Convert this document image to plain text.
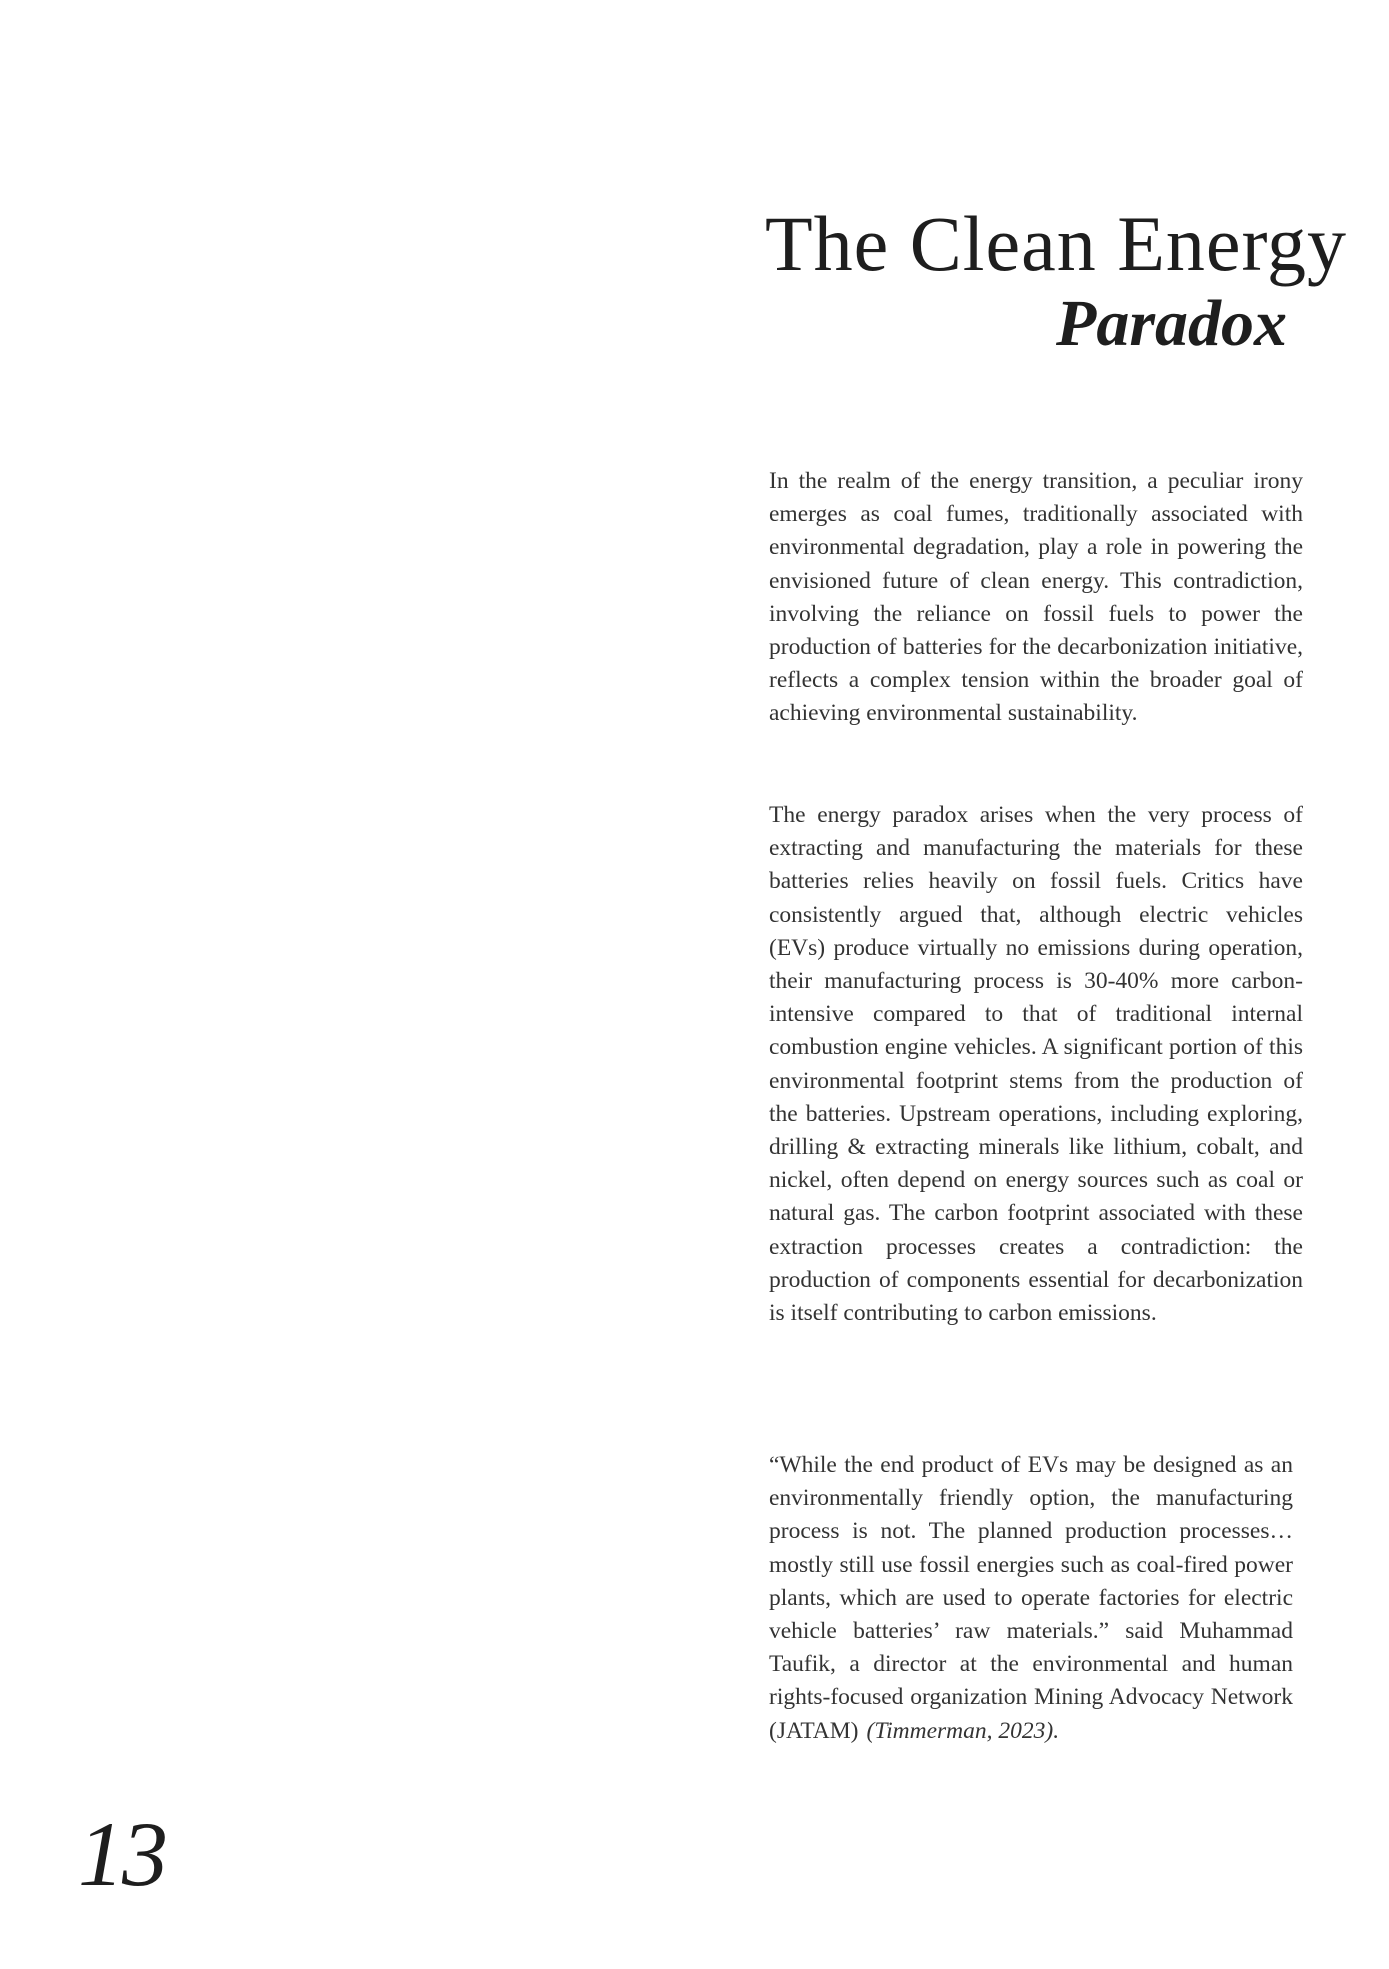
The Clean Energy
Paradox

In the realm of the energy transition, a peculiar irony emerges as coal fumes, traditionally associated with environmental degradation, play a role in powering the envisioned future of clean energy. This contradiction, involving the reliance on fossil fuels to power the production of batteries for the decarbonization initiative, reflects a complex tension within the broader goal of achieving environmental sustainability.

The energy paradox arises when the very process of extracting and manufacturing the materials for these batteries relies heavily on fossil fuels. Critics have consistently argued that, although electric vehicles (EVs) produce virtually no emissions during operation, their manufacturing process is 30-40% more carbon-intensive compared to that of traditional internal combustion engine vehicles. A significant portion of this environmental footprint stems from the production of the batteries. Upstream operations, including exploring, drilling & extracting minerals like lithium, cobalt, and nickel, often depend on energy sources such as coal or natural gas. The carbon footprint associated with these extraction processes creates a contradiction: the production of components essential for decarbonization is itself contributing to carbon emissions.

“While the end product of EVs may be designed as an environmentally friendly option, the manufacturing process is not. The planned production processes… mostly still use fossil energies such as coal-fired power plants, which are used to operate factories for electric vehicle batteries’ raw materials.” said Muhammad Taufik, a director at the environmental and human rights-focused organization Mining Advocacy Network (JATAM) (Timmerman, 2023).

13
